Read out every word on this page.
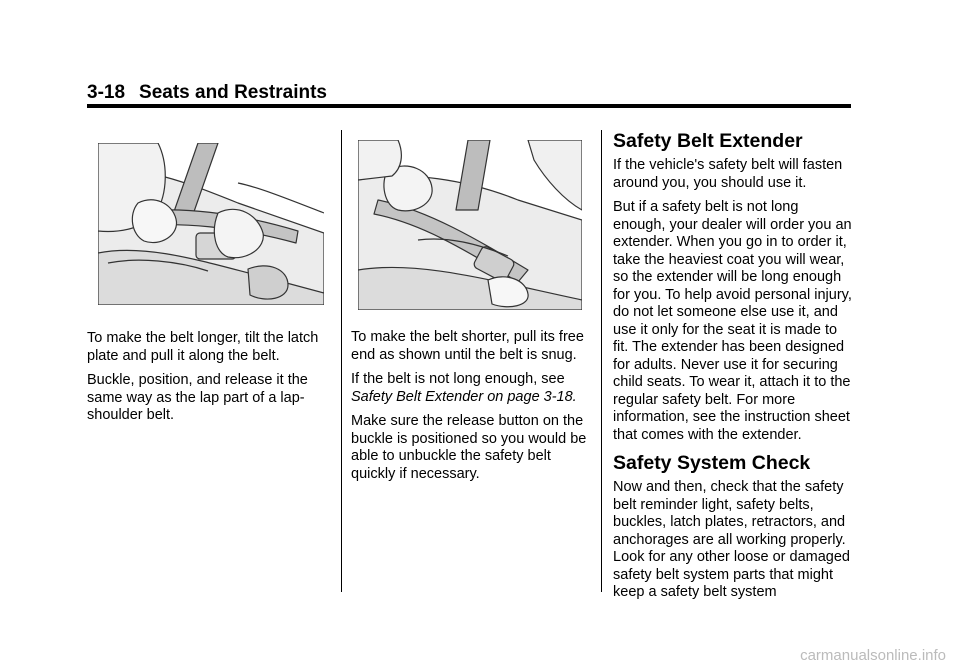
3-18 Seats and Restraints
To make the belt longer, tilt the latch plate and pull it along the belt.
Buckle, position, and release it the same way as the lap part of a lap-shoulder belt.
To make the belt shorter, pull its free end as shown until the belt is snug.
If the belt is not long enough, see
Safety Belt Extender on page 3-18.
Make sure the release button on the buckle is positioned so you would be able to unbuckle the safety belt quickly if necessary.
Safety Belt Extender
If the vehicle's safety belt will fasten around you, you should use it.
But if a safety belt is not long enough, your dealer will order you an extender. When you go in to order it, take the heaviest coat you will wear, so the extender will be long enough for you. To help avoid personal injury, do not let someone else use it, and use it only for the seat it is made to fit. The extender has been designed for adults. Never use it for securing child seats. To wear it, attach it to the regular safety belt. For more information, see the instruction sheet that comes with the extender.
Safety System Check
Now and then, check that the safety belt reminder light, safety belts, buckles, latch plates, retractors, and anchorages are all working properly. Look for any other loose or damaged safety belt system parts that might keep a safety belt system
carmanualsonline.info
